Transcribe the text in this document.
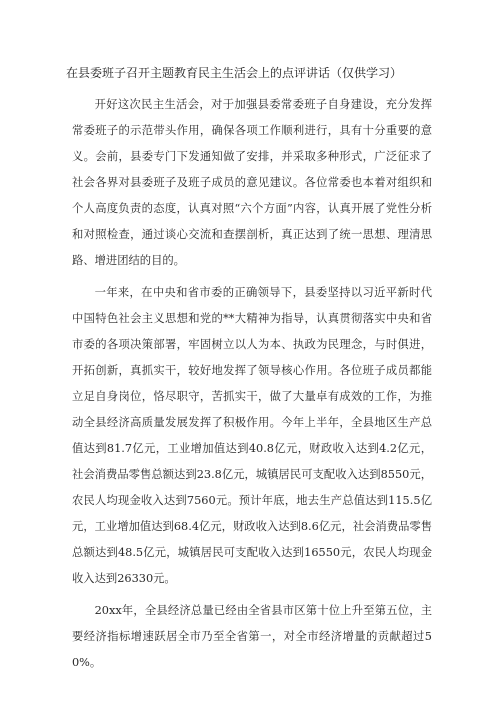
在县委班子召开主题教育民主生活会上的点评讲话（仅供学习）

开好这次民主生活会，对于加强县委常委班子自身建设，充分发挥常委班子的示范带头作用，确保各项工作顺利进行，具有十分重要的意义。会前，县委专门下发通知做了安排，并采取多种形式，广泛征求了社会各界对县委班子及班子成员的意见建议。各位常委也本着对组织和个人高度负责的态度，认真对照“六个方面”内容，认真开展了党性分析和对照检查，通过谈心交流和查摆剖析，真正达到了统一思想、理清思路、增进团结的目的。

一年来，在中央和省市委的正确领导下，县委坚持以习近平新时代中国特色社会主义思想和党的**大精神为指导，认真贯彻落实中央和省市委的各项决策部署，牢固树立以人为本、执政为民理念，与时俱进，开拓创新，真抓实干，较好地发挥了领导核心作用。各位班子成员都能立足自身岗位，恪尽职守，苦抓实干，做了大量卓有成效的工作，为推动全县经济高质量发展发挥了积极作用。今年上半年，全县地区生产总值达到81.7亿元，工业增加值达到40.8亿元，财政收入达到4.2亿元，社会消费品零售总额达到23.8亿元，城镇居民可支配收入达到8550元，农民人均现金收入达到7560元。预计年底，地去生产总值达到115.5亿元，工业增加值达到68.4亿元，财政收入达到8.6亿元，社会消费品零售总额达到48.5亿元，城镇居民可支配收入达到16550元，农民人均现金收入达到26330元。

20xx年，全县经济总量已经由全省县市区第十位上升至第五位，主要经济指标增速跃居全市乃至全省第一，对全市经济增量的贡献超过50%。
